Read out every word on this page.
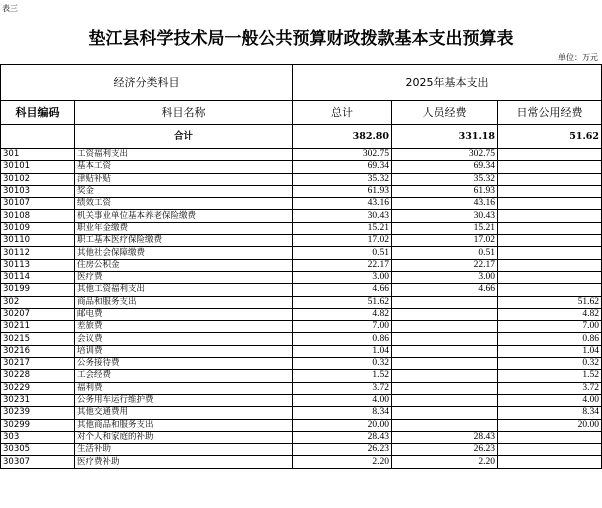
表三
垫江县科学技术局一般公共预算财政拨款基本支出预算表
单位：万元
经济分类科目		2025年基本支出		
科目编码	科目名称	总计	人员经费	日常公用经费
	合计	382.80	331.18	51.62
301	工资福利支出	302.75	302.75	
30101	基本工资	69.34	69.34	
30102	津贴补贴	35.32	35.32	
30103	奖金	61.93	61.93	
30107	绩效工资	43.16	43.16	
30108	机关事业单位基本养老保险缴费	30.43	30.43	
30109	职业年金缴费	15.21	15.21	
30110	职工基本医疗保险缴费	17.02	17.02	
30112	其他社会保障缴费	0.51	0.51	
30113	住房公积金	22.17	22.17	
30114	医疗费	3.00	3.00	
30199	其他工资福利支出	4.66	4.66	
302	商品和服务支出	51.62		51.62
30207	邮电费	4.82		4.82
30211	差旅费	7.00		7.00
30215	会议费	0.86		0.86
30216	培训费	1.04		1.04
30217	公务接待费	0.32		0.32
30228	工会经费	1.52		1.52
30229	福利费	3.72		3.72
30231	公务用车运行维护费	4.00		4.00
30239	其他交通费用	8.34		8.34
30299	其他商品和服务支出	20.00		20.00
303	对个人和家庭的补助	28.43	28.43	
30305	生活补助	26.23	26.23	
30307	医疗费补助	2.20	2.20	
